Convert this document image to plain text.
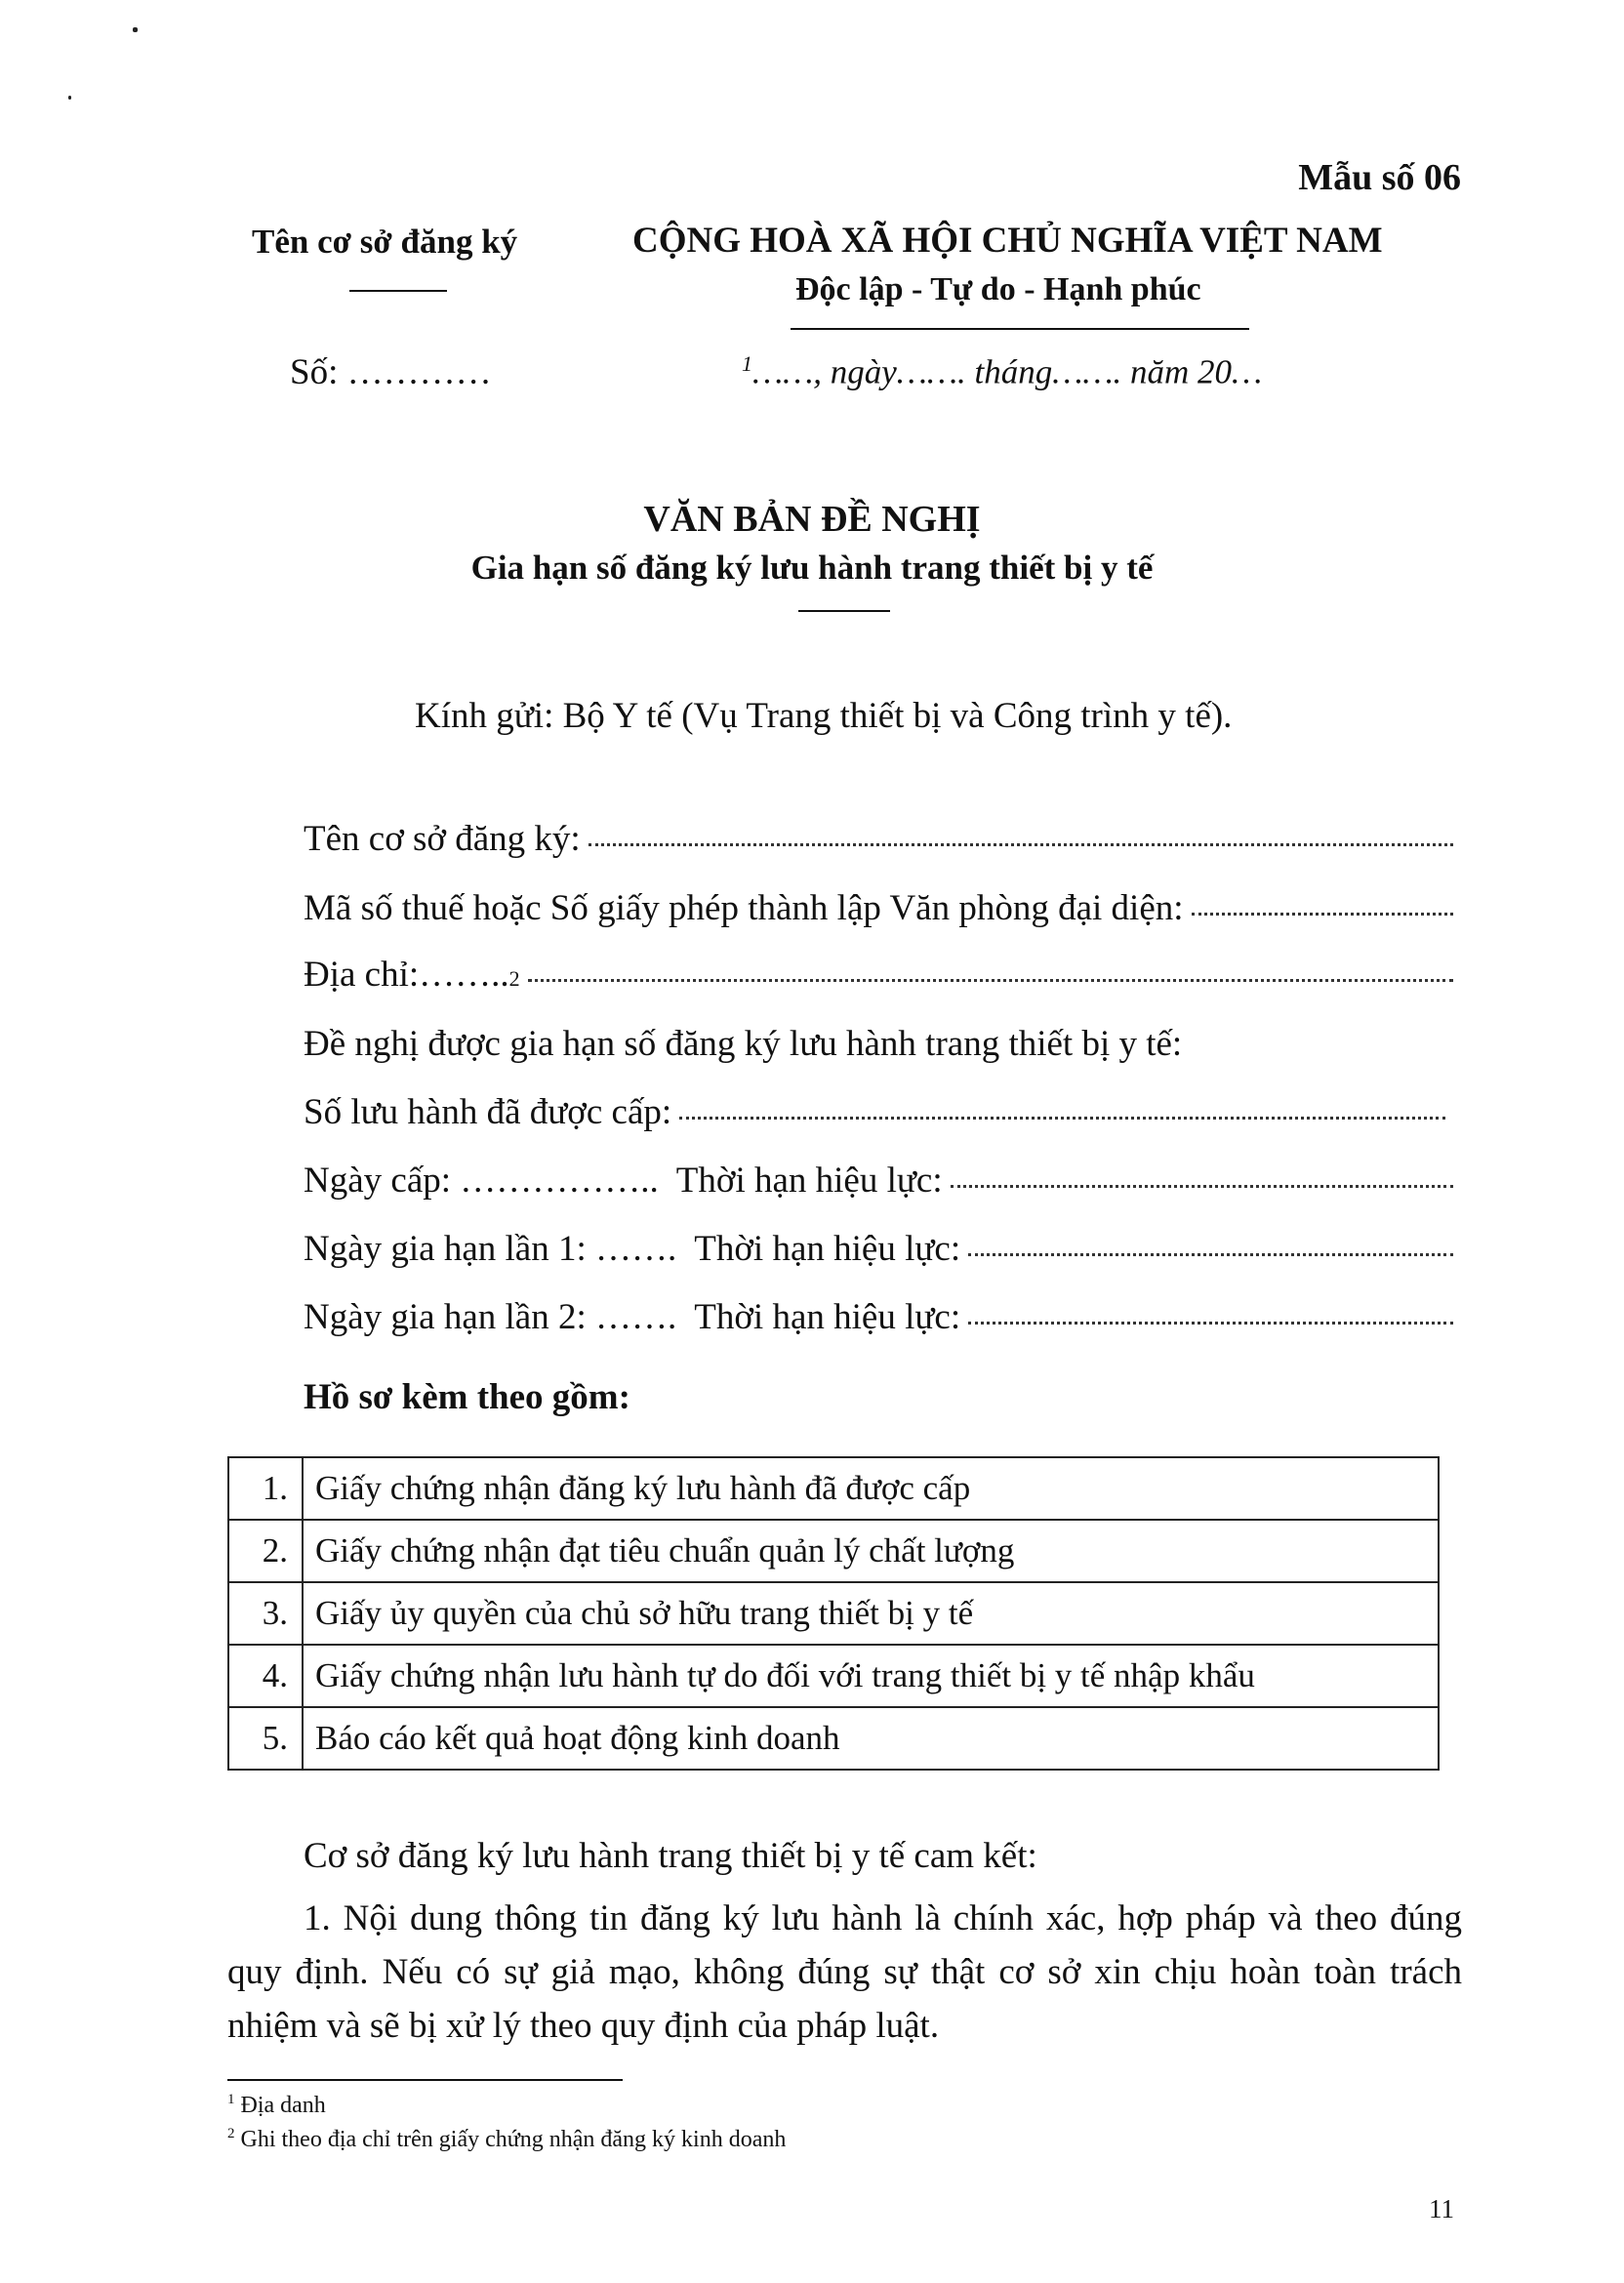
Mẫu số 06
Tên cơ sở đăng ký	CỘNG HOÀ XÃ HỘI CHỦ NGHĨA VIỆT NAM
Độc lập - Tự do - Hạnh phúc
Số: …………	$^1$……, ngày……. tháng……. năm 20…
VĂN BẢN ĐỀ NGHỊ
Gia hạn số đăng ký lưu hành trang thiết bị y tế
Kính gửi: Bộ Y tế (Vụ Trang thiết bị và Công trình y tế).
Tên cơ sở đăng ký:
Mã số thuế hoặc Số giấy phép thành lập Văn phòng đại diện:
Địa chỉ:…….. 2
Đề nghị được gia hạn số đăng ký lưu hành trang thiết bị y tế:
Số lưu hành đã được cấp:
Ngày cấp: …………….. Thời hạn hiệu lực:
Ngày gia hạn lần 1: ……. Thời hạn hiệu lực:
Ngày gia hạn lần 2: ……. Thời hạn hiệu lực:
Hồ sơ kèm theo gồm:
1.	Giấy chứng nhận đăng ký lưu hành đã được cấp
2.	Giấy chứng nhận đạt tiêu chuẩn quản lý chất lượng
3.	Giấy ủy quyền của chủ sở hữu trang thiết bị y tế
4.	Giấy chứng nhận lưu hành tự do đối với trang thiết bị y tế nhập khẩu
5.	Báo cáo kết quả hoạt động kinh doanh
Cơ sở đăng ký lưu hành trang thiết bị y tế cam kết:
1. Nội dung thông tin đăng ký lưu hành là chính xác, hợp pháp và theo đúng quy định. Nếu có sự giả mạo, không đúng sự thật cơ sở xin chịu hoàn toàn trách nhiệm và sẽ bị xử lý theo quy định của pháp luật.
$^1$ Địa danh
$^2$ Ghi theo địa chỉ trên giấy chứng nhận đăng ký kinh doanh
11
